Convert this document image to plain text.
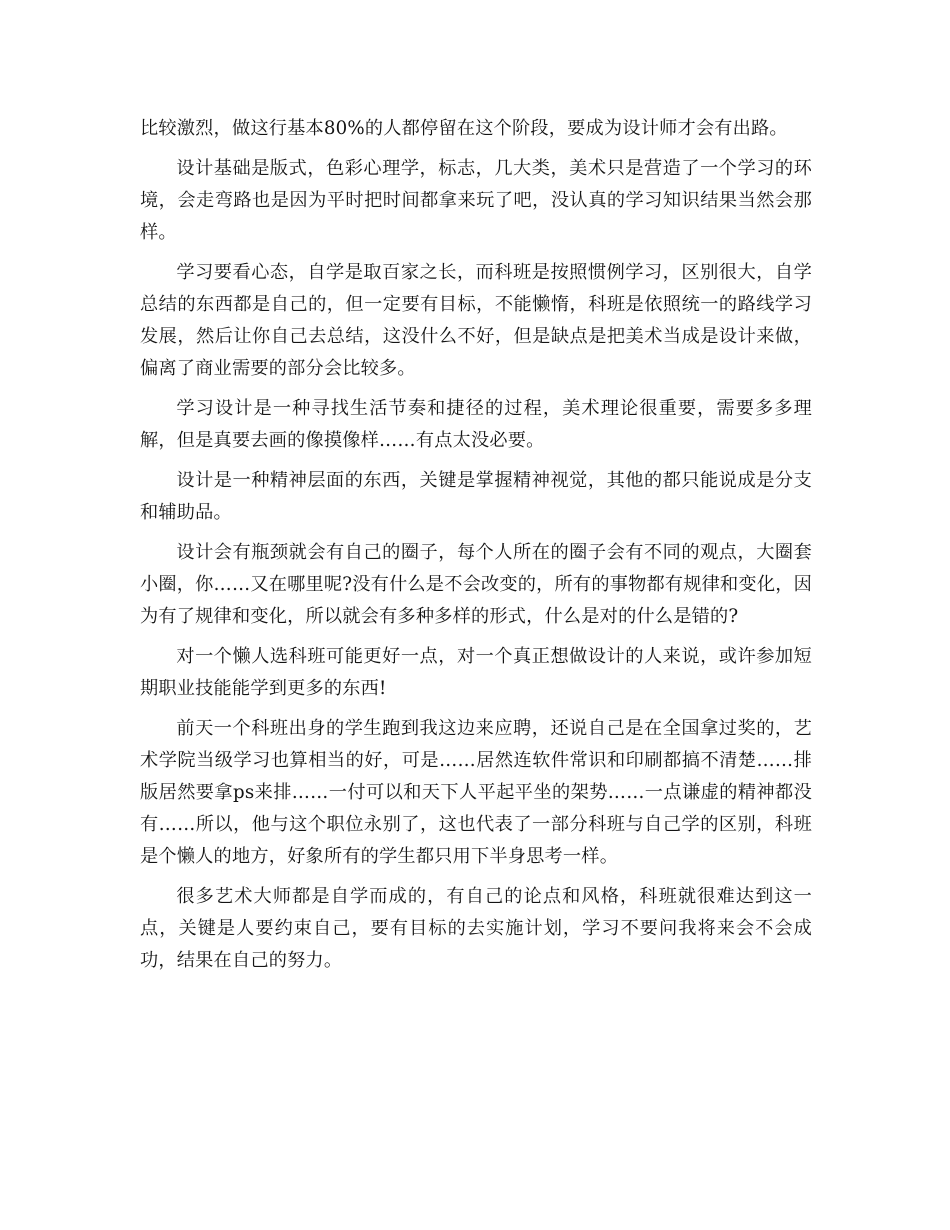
比较激烈，做这行基本80%的人都停留在这个阶段，要成为设计师才会有出路。

设计基础是版式，色彩心理学，标志，几大类，美术只是营造了一个学习的环境，会走弯路也是因为平时把时间都拿来玩了吧，没认真的学习知识结果当然会那样。

学习要看心态，自学是取百家之长，而科班是按照惯例学习，区别很大，自学总结的东西都是自己的，但一定要有目标，不能懒惰，科班是依照统一的路线学习发展，然后让你自己去总结，这没什么不好，但是缺点是把美术当成是设计来做，偏离了商业需要的部分会比较多。

学习设计是一种寻找生活节奏和捷径的过程，美术理论很重要，需要多多理解，但是真要去画的像摸像样……有点太没必要。

设计是一种精神层面的东西，关键是掌握精神视觉，其他的都只能说成是分支和辅助品。

设计会有瓶颈就会有自己的圈子，每个人所在的圈子会有不同的观点，大圈套小圈，你……又在哪里呢?没有什么是不会改变的，所有的事物都有规律和变化，因为有了规律和变化，所以就会有多种多样的形式，什么是对的什么是错的?

对一个懒人选科班可能更好一点，对一个真正想做设计的人来说，或许参加短期职业技能能学到更多的东西!

前天一个科班出身的学生跑到我这边来应聘，还说自己是在全国拿过奖的，艺术学院当级学习也算相当的好，可是……居然连软件常识和印刷都搞不清楚……排版居然要拿ps来排……一付可以和天下人平起平坐的架势……一点谦虚的精神都没有……所以，他与这个职位永别了，这也代表了一部分科班与自己学的区别，科班是个懒人的地方，好象所有的学生都只用下半身思考一样。

很多艺术大师都是自学而成的，有自己的论点和风格，科班就很难达到这一点，关键是人要约束自己，要有目标的去实施计划，学习不要问我将来会不会成功，结果在自己的努力。
